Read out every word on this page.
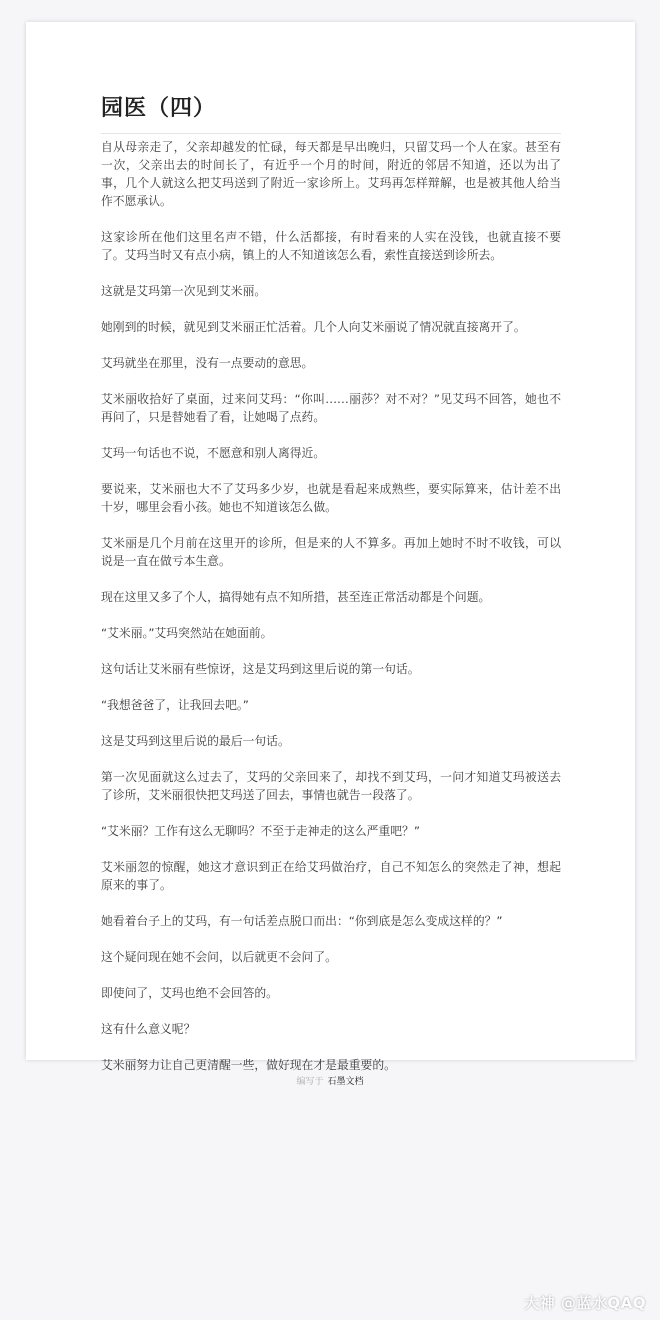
园医（四）

自从母亲走了，父亲却越发的忙碌，每天都是早出晚归，只留艾玛一个人在家。甚至有一次，父亲出去的时间长了，有近乎一个月的时间，附近的邻居不知道，还以为出了事，几个人就这么把艾玛送到了附近一家诊所上。艾玛再怎样辩解，也是被其他人给当作不愿承认。

这家诊所在他们这里名声不错，什么活都接，有时看来的人实在没钱，也就直接不要了。艾玛当时又有点小病，镇上的人不知道该怎么看，索性直接送到诊所去。

这就是艾玛第一次见到艾米丽。

她刚到的时候，就见到艾米丽正忙活着。几个人向艾米丽说了情况就直接离开了。

艾玛就坐在那里，没有一点要动的意思。

艾米丽收拾好了桌面，过来问艾玛：“你叫……丽莎？对不对？”见艾玛不回答，她也不再问了，只是替她看了看，让她喝了点药。

艾玛一句话也不说，不愿意和别人离得近。

要说来，艾米丽也大不了艾玛多少岁，也就是看起来成熟些，要实际算来，估计差不出十岁，哪里会看小孩。她也不知道该怎么做。

艾米丽是几个月前在这里开的诊所，但是来的人不算多。再加上她时不时不收钱，可以说是一直在做亏本生意。

现在这里又多了个人，搞得她有点不知所措，甚至连正常活动都是个问题。

“艾米丽。”艾玛突然站在她面前。

这句话让艾米丽有些惊讶，这是艾玛到这里后说的第一句话。

“我想爸爸了，让我回去吧。”

这是艾玛到这里后说的最后一句话。

第一次见面就这么过去了，艾玛的父亲回来了，却找不到艾玛，一问才知道艾玛被送去了诊所，艾米丽很快把艾玛送了回去，事情也就告一段落了。

“艾米丽？工作有这么无聊吗？不至于走神走的这么严重吧？”

艾米丽忽的惊醒，她这才意识到正在给艾玛做治疗，自己不知怎么的突然走了神，想起原来的事了。

她看着台子上的艾玛，有一句话差点脱口而出：“你到底是怎么变成这样的？”

这个疑问现在她不会问，以后就更不会问了。

即使问了，艾玛也绝不会回答的。

这有什么意义呢？

艾米丽努力让自己更清醒一些，做好现在才是最重要的。

编写于 石墨文档
大神 @蓝水QAQ
